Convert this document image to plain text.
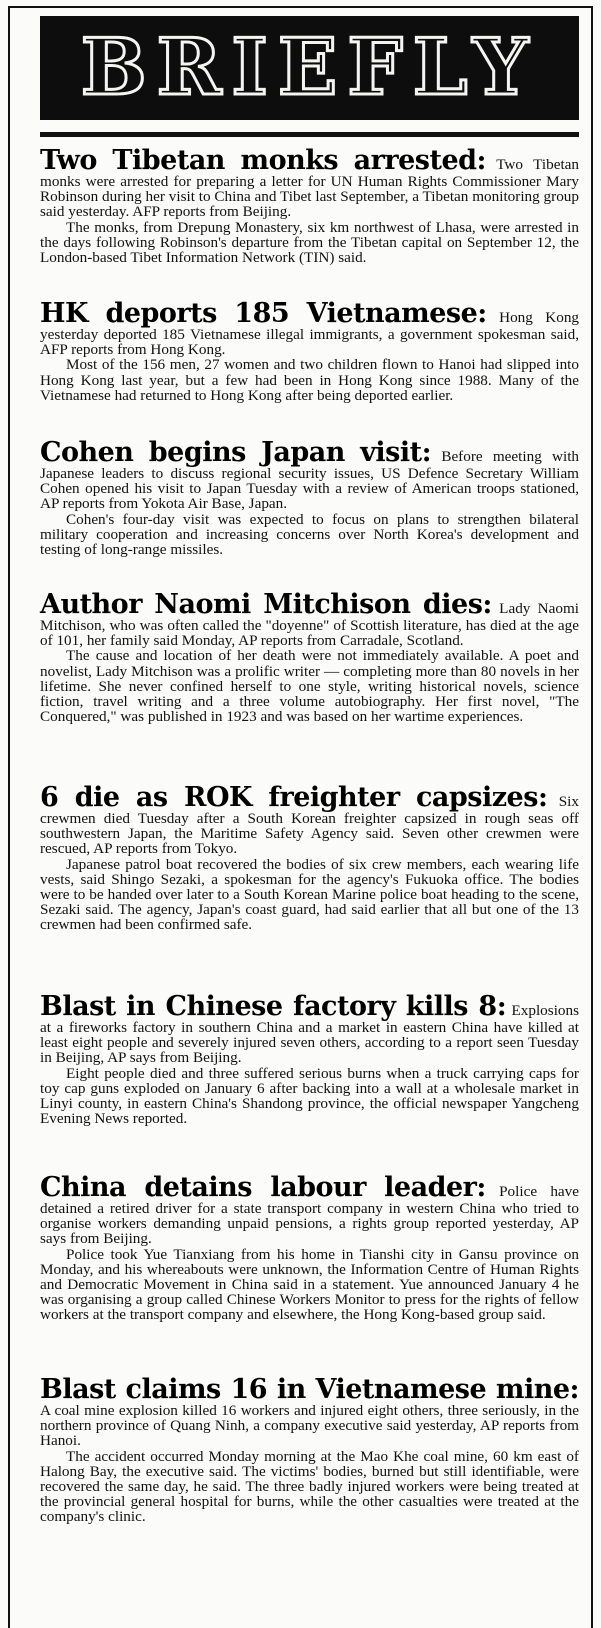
BRIEFLY

Two Tibetan monks arrested: Two Tibetan monks were arrested for preparing a letter for UN Human Rights Commissioner Mary Robinson during her visit to China and Tibet last September, a Tibetan monitoring group said yesterday. AFP reports from Beijing.

The monks, from Drepung Monastery, six km northwest of Lhasa, were arrested in the days following Robinson's departure from the Tibetan capital on September 12, the London-based Tibet Information Network (TIN) said.

HK deports 185 Vietnamese: Hong Kong yesterday deported 185 Vietnamese illegal immigrants, a government spokesman said, AFP reports from Hong Kong.

Most of the 156 men, 27 women and two children flown to Hanoi had slipped into Hong Kong last year, but a few had been in Hong Kong since 1988. Many of the Vietnamese had returned to Hong Kong after being deported earlier.

Cohen begins Japan visit: Before meeting with Japanese leaders to discuss regional security issues, US Defence Secretary William Cohen opened his visit to Japan Tuesday with a review of American troops stationed, AP reports from Yokota Air Base, Japan.

Cohen's four-day visit was expected to focus on plans to strengthen bilateral military cooperation and increasing concerns over North Korea's development and testing of long-range missiles.

Author Naomi Mitchison dies: Lady Naomi Mitchison, who was often called the "doyenne" of Scottish literature, has died at the age of 101, her family said Monday, AP reports from Carradale, Scotland.

The cause and location of her death were not immediately available. A poet and novelist, Lady Mitchison was a prolific writer — completing more than 80 novels in her lifetime. She never confined herself to one style, writing historical novels, science fiction, travel writing and a three volume autobiography. Her first novel, "The Conquered," was published in 1923 and was based on her wartime experiences.

6 die as ROK freighter capsizes: Six crewmen died Tuesday after a South Korean freighter capsized in rough seas off southwestern Japan, the Maritime Safety Agency said. Seven other crewmen were rescued, AP reports from Tokyo.

Japanese patrol boat recovered the bodies of six crew members, each wearing life vests, said Shingo Sezaki, a spokesman for the agency's Fukuoka office. The bodies were to be handed over later to a South Korean Marine police boat heading to the scene, Sezaki said. The agency, Japan's coast guard, had said earlier that all but one of the 13 crewmen had been confirmed safe.

Blast in Chinese factory kills 8: Explosions at a fireworks factory in southern China and a market in eastern China have killed at least eight people and severely injured seven others, according to a report seen Tuesday in Beijing, AP says from Beijing.

Eight people died and three suffered serious burns when a truck carrying caps for toy cap guns exploded on January 6 after backing into a wall at a wholesale market in Linyi county, in eastern China's Shandong province, the official newspaper Yangcheng Evening News reported.

China detains labour leader: Police have detained a retired driver for a state transport company in western China who tried to organise workers demanding unpaid pensions, a rights group reported yesterday, AP says from Beijing.

Police took Yue Tianxiang from his home in Tianshi city in Gansu province on Monday, and his whereabouts were unknown, the Information Centre of Human Rights and Democratic Movement in China said in a statement. Yue announced January 4 he was organising a group called Chinese Workers Monitor to press for the rights of fellow workers at the transport company and elsewhere, the Hong Kong-based group said.

Blast claims 16 in Vietnamese mine: A coal mine explosion killed 16 workers and injured eight others, three seriously, in the northern province of Quang Ninh, a company executive said yesterday, AP reports from Hanoi.

The accident occurred Monday morning at the Mao Khe coal mine, 60 km east of Halong Bay, the executive said. The victims' bodies, burned but still identifiable, were recovered the same day, he said. The three badly injured workers were being treated at the provincial general hospital for burns, while the other casualties were treated at the company's clinic.
